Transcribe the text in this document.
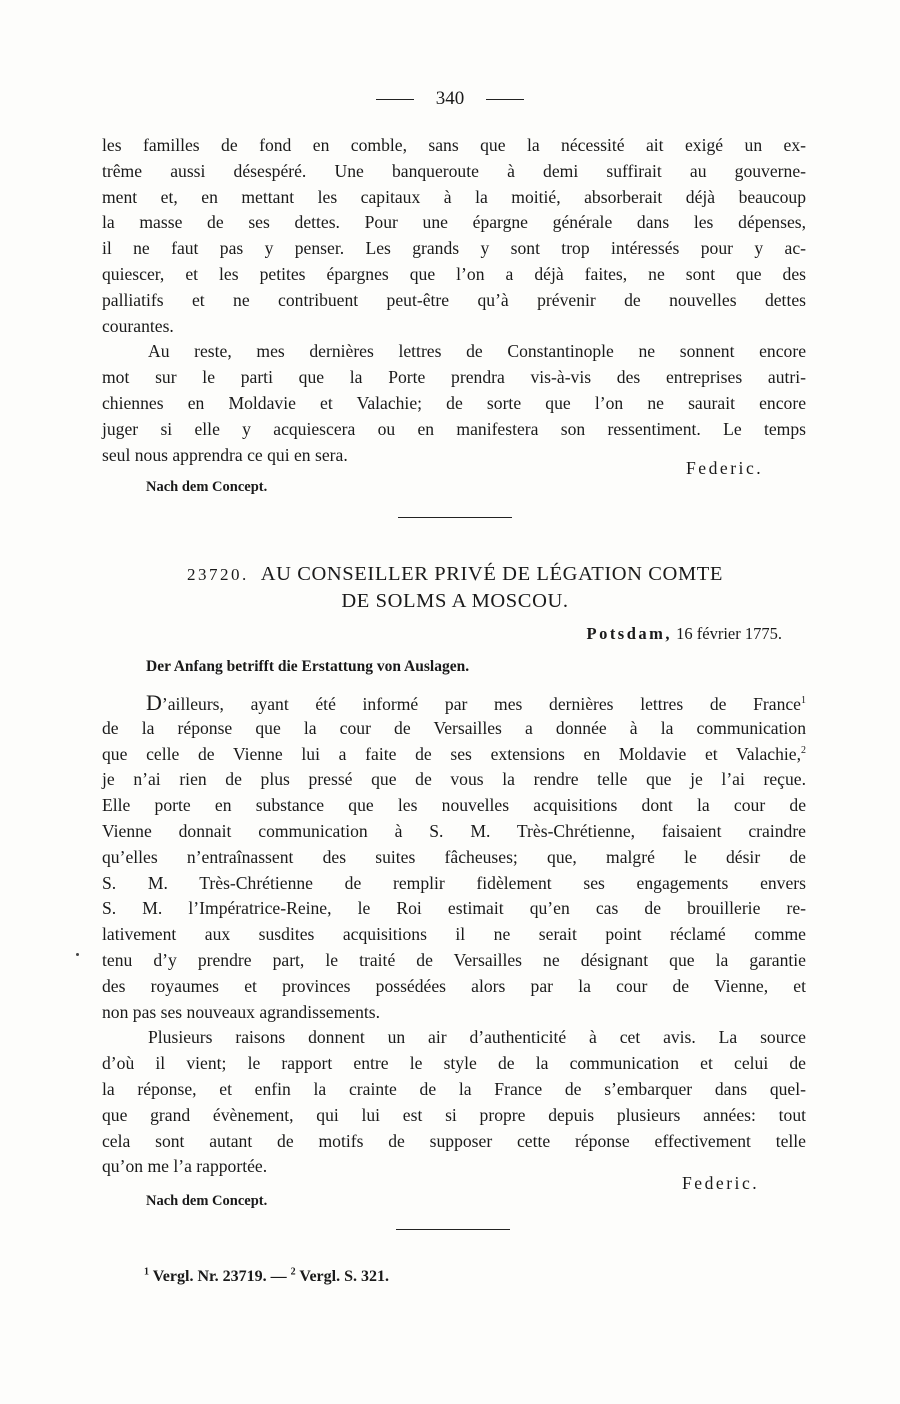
340
les familles de fond en comble, sans que la nécessité ait exigé un ex-
trême aussi désespéré. Une banqueroute à demi suffirait au gouverne-
ment et, en mettant les capitaux à la moitié, absorberait déjà beaucoup
la masse de ses dettes. Pour une épargne générale dans les dépenses,
il ne faut pas y penser. Les grands y sont trop intéressés pour y ac-
quiescer, et les petites épargnes que l’on a déjà faites, ne sont que des
palliatifs et ne contribuent peut-être qu’à prévenir de nouvelles dettes
courantes.
Au reste, mes dernières lettres de Constantinople ne sonnent encore
mot sur le parti que la Porte prendra vis-à-vis des entreprises autri-
chiennes en Moldavie et Valachie; de sorte que l’on ne saurait encore
juger si elle y acquiescera ou en manifestera son ressentiment. Le temps
seul nous apprendra ce qui en sera.
Federic.
Nach dem Concept.
23720. AU CONSEILLER PRIVÉ DE LÉGATION COMTE
DE SOLMS A MOSCOU.
Potsdam, 16 février 1775.
Der Anfang betrifft die Erstattung von Auslagen.
D’ailleurs, ayant été informé par mes dernières lettres de France$^1$
de la réponse que la cour de Versailles a donnée à la communication
que celle de Vienne lui a faite de ses extensions en Moldavie et Valachie,$^2$
je n’ai rien de plus pressé que de vous la rendre telle que je l’ai reçue.
Elle porte en substance que les nouvelles acquisitions dont la cour de
Vienne donnait communication à S. M. Très-Chrétienne, faisaient craindre
qu’elles n’entraînassent des suites fâcheuses; que, malgré le désir de
S. M. Très-Chrétienne de remplir fidèlement ses engagements envers
S. M. l’Impératrice-Reine, le Roi estimait qu’en cas de brouillerie re-
lativement aux susdites acquisitions il ne serait point réclamé comme
tenu d’y prendre part, le traité de Versailles ne désignant que la garantie
des royaumes et provinces possédées alors par la cour de Vienne, et
non pas ses nouveaux agrandissements.
Plusieurs raisons donnent un air d’authenticité à cet avis. La source
d’où il vient; le rapport entre le style de la communication et celui de
la réponse, et enfin la crainte de la France de s’embarquer dans quel-
que grand évènement, qui lui est si propre depuis plusieurs années: tout
cela sont autant de motifs de supposer cette réponse effectivement telle
qu’on me l’a rapportée.
Federic.
Nach dem Concept.
$^1$ Vergl. Nr. 23719. — $^2$ Vergl. S. 321.
